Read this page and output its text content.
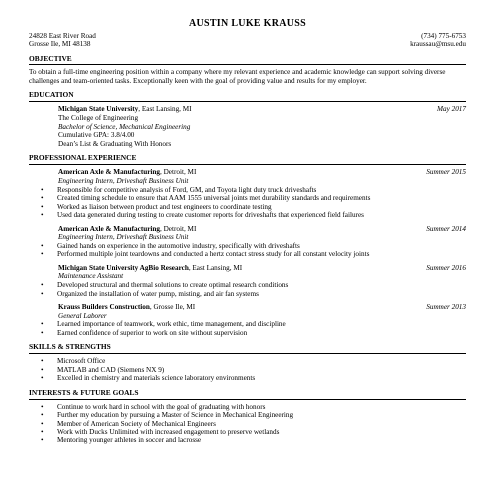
AUSTIN LUKE KRAUSS
24828 East River Road
Grosse Ile, MI 48138
(734) 775-6753
kraussau@msu.edu
OBJECTIVE

To obtain a full-time engineering position within a company where my relevant experience and academic knowledge can support solving diverse challenges and team-oriented tasks. Exceptionally keen with the goal of providing value and results for my employer.

EDUCATION
Michigan State University, East Lansing, MI	May 2017
The College of Engineering
Bachelor of Science, Mechanical Engineering
Cumulative GPA: 3.8/4.00
Dean’s List & Graduating With Honors
PROFESSIONAL EXPERIENCE
American Axle & Manufacturing, Detroit, MI	Summer 2015
Engineering Intern, Driveshaft Business Unit
• Responsible for competitive analysis of Ford, GM, and Toyota light duty truck driveshafts
• Created timing schedule to ensure that AAM 1555 universal joints met durability standards and requirements
• Worked as liaison between product and test engineers to coordinate testing
• Used data generated during testing to create customer reports for driveshafts that experienced field failures
American Axle & Manufacturing, Detroit, MI	Summer 2014
Engineering Intern, Driveshaft Business Unit
• Gained hands on experience in the automotive industry, specifically with driveshafts
• Performed multiple joint teardowns and conducted a hertz contact stress study for all constant velocity joints
Michigan State University AgBio Research, East Lansing, MI	Summer 2016
Maintenance Assistant
• Developed structural and thermal solutions to create optimal research conditions
• Organized the installation of water pump, misting, and air fan systems
Krauss Builders Construction, Grosse Ile, MI	Summer 2013
General Laborer
• Learned importance of teamwork, work ethic, time management, and discipline
• Earned confidence of superior to work on site without supervision
SKILLS & STRENGTHS
• Microsoft Office
• MATLAB and CAD (Siemens NX 9)
• Excelled in chemistry and materials science laboratory environments
INTERESTS & FUTURE GOALS
• Continue to work hard in school with the goal of graduating with honors
• Further my education by pursuing a Master of Science in Mechanical Engineering
• Member of American Society of Mechanical Engineers
• Work with Ducks Unlimited with increased engagement to preserve wetlands
• Mentoring younger athletes in soccer and lacrosse
